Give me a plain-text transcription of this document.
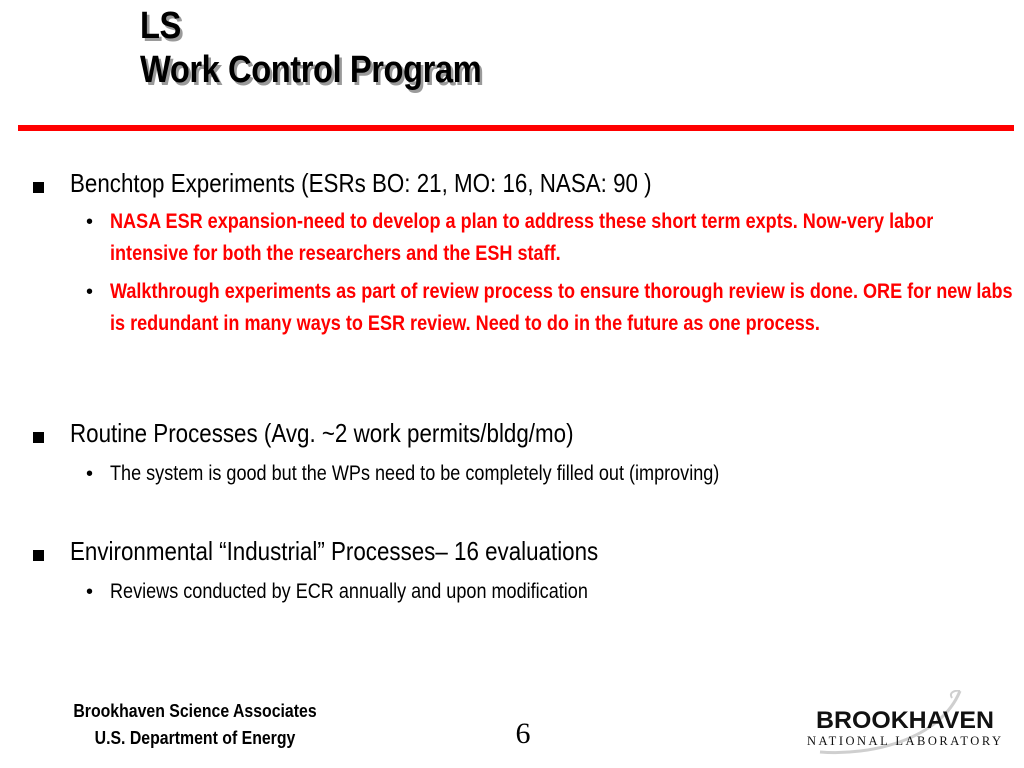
LS
Work Control Program
Benchtop Experiments (ESRs BO: 21, MO: 16, NASA: 90 )
• NASA ESR expansion-need to develop a plan to address these short term expts. Now-very labor intensive for both the researchers and the ESH staff.
• Walkthrough experiments as part of review process to ensure thorough review is done. ORE for new labs is redundant in many ways to ESR review. Need to do in the future as one process.
Routine Processes (Avg. ~2 work permits/bldg/mo)
• The system is good but the WPs need to be completely filled out (improving)
Environmental “Industrial” Processes– 16 evaluations
• Reviews conducted by ECR annually and upon modification
Brookhaven Science Associates
U.S. Department of Energy	6	BROOKHAVEN
NATIONAL LABORATORY
